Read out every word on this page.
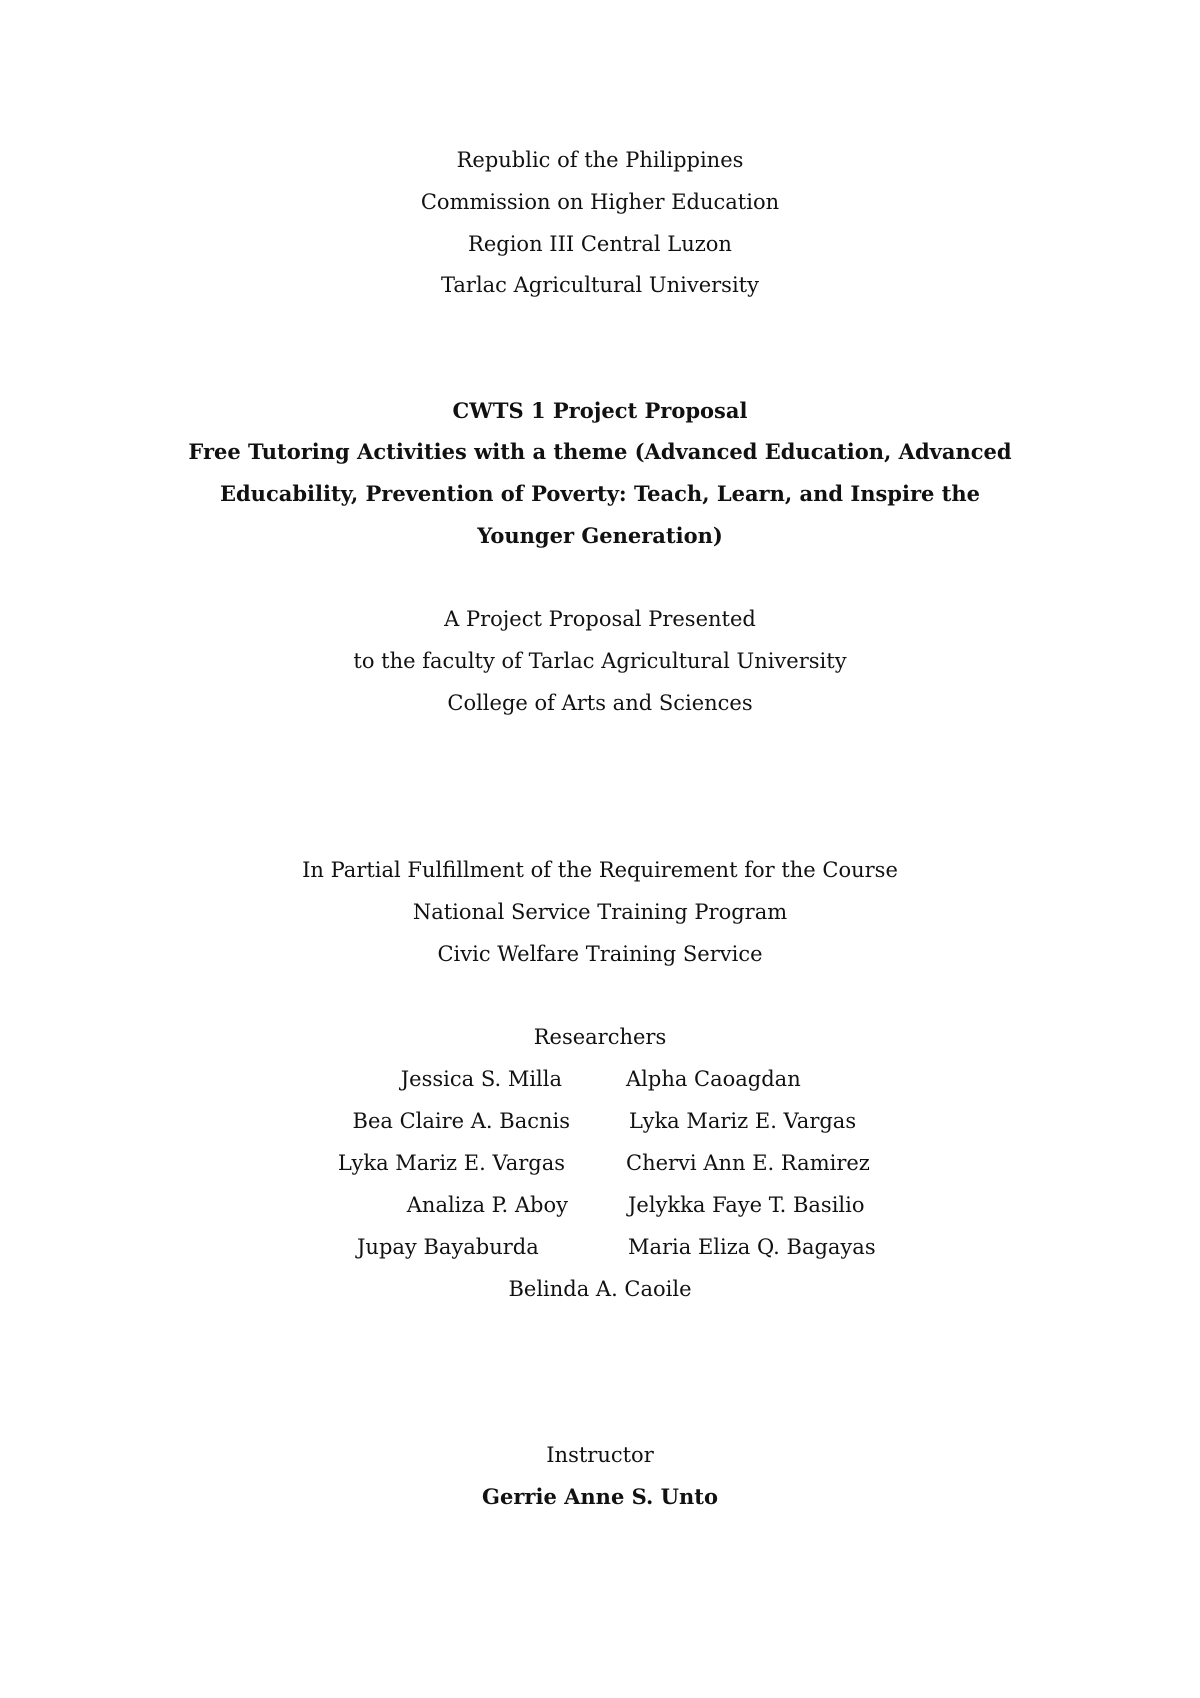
Republic of the Philippines
Commission on Higher Education
Region III Central Luzon
Tarlac Agricultural University
CWTS 1 Project Proposal
Free Tutoring Activities with a theme (Advanced Education, Advanced
Educability, Prevention of Poverty: Teach, Learn, and Inspire the
Younger Generation)
A Project Proposal Presented
to the faculty of Tarlac Agricultural University
College of Arts and Sciences
In Partial Fulfillment of the Requirement for the Course
National Service Training Program
Civic Welfare Training Service
Researchers
Jessica S. Milla	Alpha Caoagdan
Bea Claire A. Bacnis	Lyka Mariz E. Vargas
Lyka Mariz E. Vargas	Chervi Ann E. Ramirez
Analiza P. Aboy	Jelykka Faye T. Basilio
Jupay Bayaburda	Maria Eliza Q. Bagayas
Belinda A. Caoile
Instructor
Gerrie Anne S. Unto
